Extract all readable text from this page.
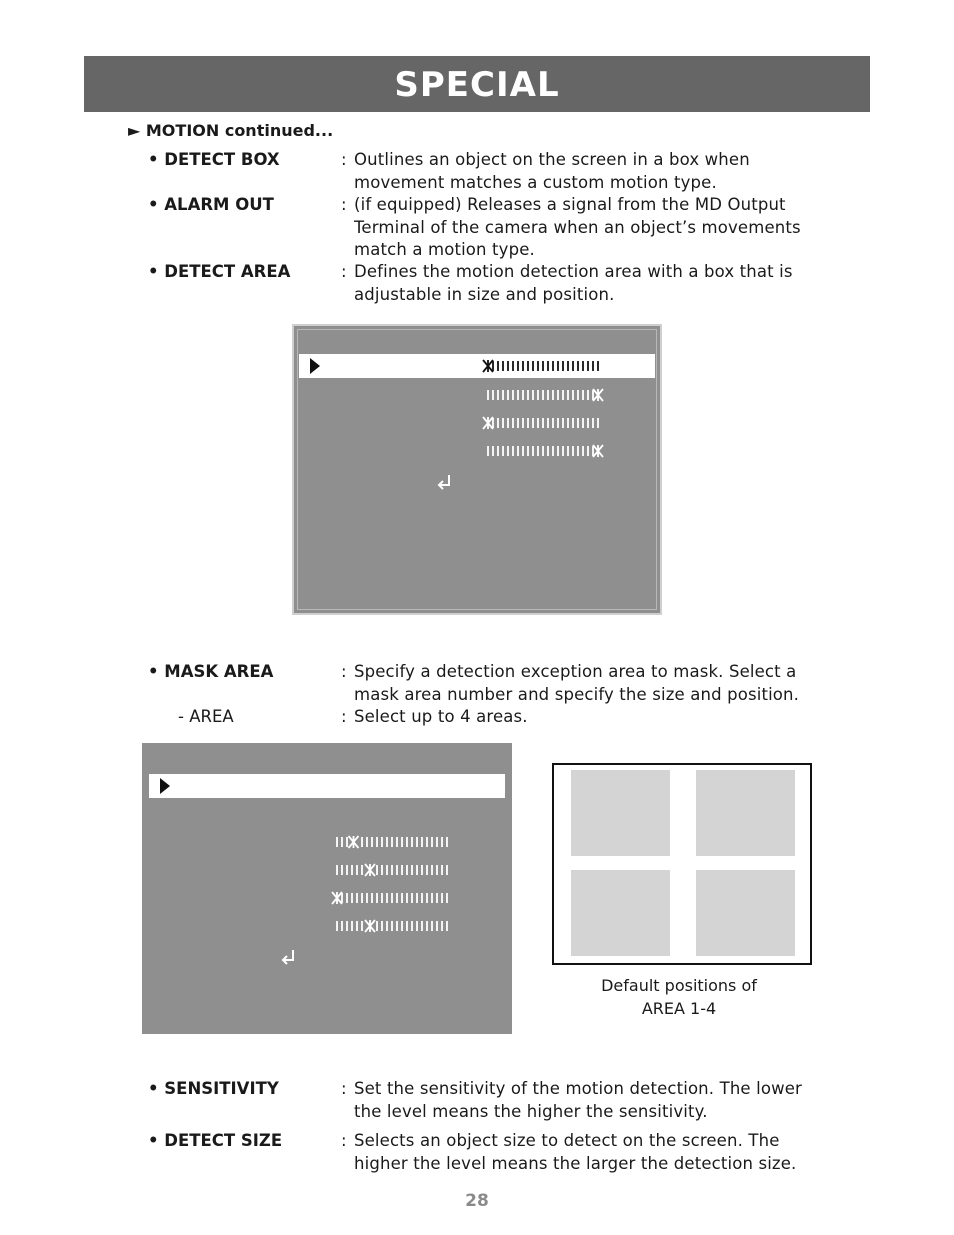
SPECIAL
► MOTION continued...
• DETECT BOX	: Outlines an object on the screen in a box when
movement matches a custom motion type.
• ALARM OUT	: (if equipped) Releases a signal from the MD Output
Terminal of the camera when an object’s movements
match a motion type.
• DETECT AREA	: Defines the motion detection area with a box that is
adjustable in size and position.
• MASK AREA	: Specify a detection exception area to mask. Select a
mask area number and specify the size and position.
- AREA	: Select up to 4 areas.
Default positions of
AREA 1-4
• SENSITIVITY	: Set the sensitivity of the motion detection. The lower
the level means the higher the sensitivity.
• DETECT SIZE	: Selects an object size to detect on the screen. The
higher the level means the larger the detection size.
28
